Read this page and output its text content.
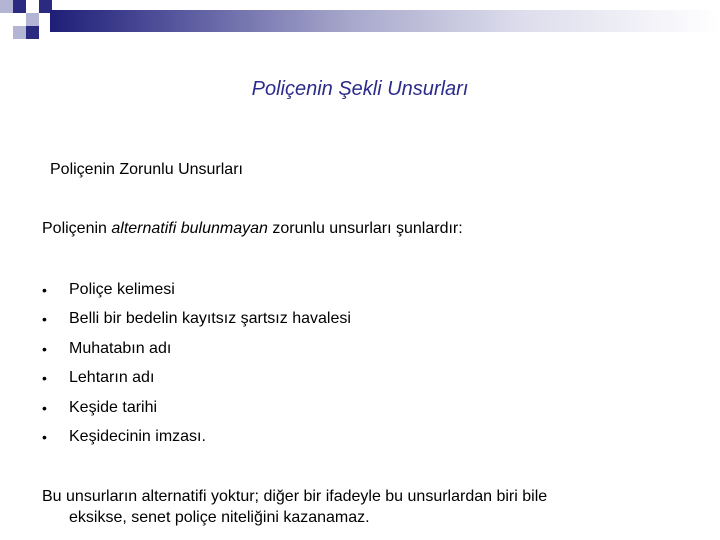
Poliçenin Şekli Unsurları
Poliçenin Zorunlu Unsurları
Poliçenin alternatifi bulunmayan zorunlu unsurları şunlardır:
• Poliçe kelimesi
• Belli bir bedelin kayıtsız şartsız havalesi
• Muhatabın adı
• Lehtarın adı
• Keşide tarihi
• Keşidecinin imzası.
Bu unsurların alternatifi yoktur; diğer bir ifadeyle bu unsurlardan biri bile
eksikse, senet poliçe niteliğini kazanamaz.
